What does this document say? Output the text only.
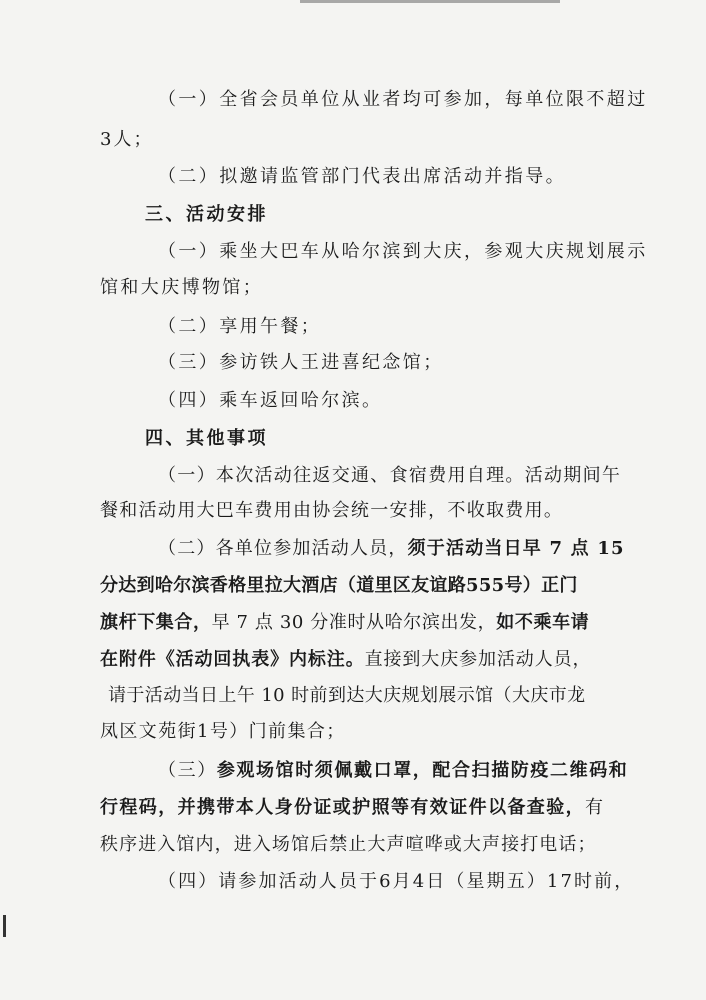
（一）全省会员单位从业者均可参加，每单位限不超过
3人；
（二）拟邀请监管部门代表出席活动并指导。
三、活动安排
（一）乘坐大巴车从哈尔滨到大庆，参观大庆规划展示
馆和大庆博物馆；
（二）享用午餐；
（三）参访铁人王进喜纪念馆；
（四）乘车返回哈尔滨。
四、其他事项
（一）本次活动往返交通、食宿费用自理。活动期间午
餐和活动用大巴车费用由协会统一安排，不收取费用。
（二）各单位参加活动人员，须于活动当日早 7 点 15
分达到哈尔滨香格里拉大酒店（道里区友谊路555号）正门
旗杆下集合，早 7 点 30 分准时从哈尔滨出发，如不乘车请
在附件《活动回执表》内标注。直接到大庆参加活动人员，
请于活动当日上午 10 时前到达大庆规划展示馆（大庆市龙
凤区文苑街1号）门前集合；
（三）参观场馆时须佩戴口罩，配合扫描防疫二维码和
行程码，并携带本人身份证或护照等有效证件以备查验，有
秩序进入馆内，进入场馆后禁止大声喧哗或大声接打电话；
（四）请参加活动人员于6月4日（星期五）17时前，
